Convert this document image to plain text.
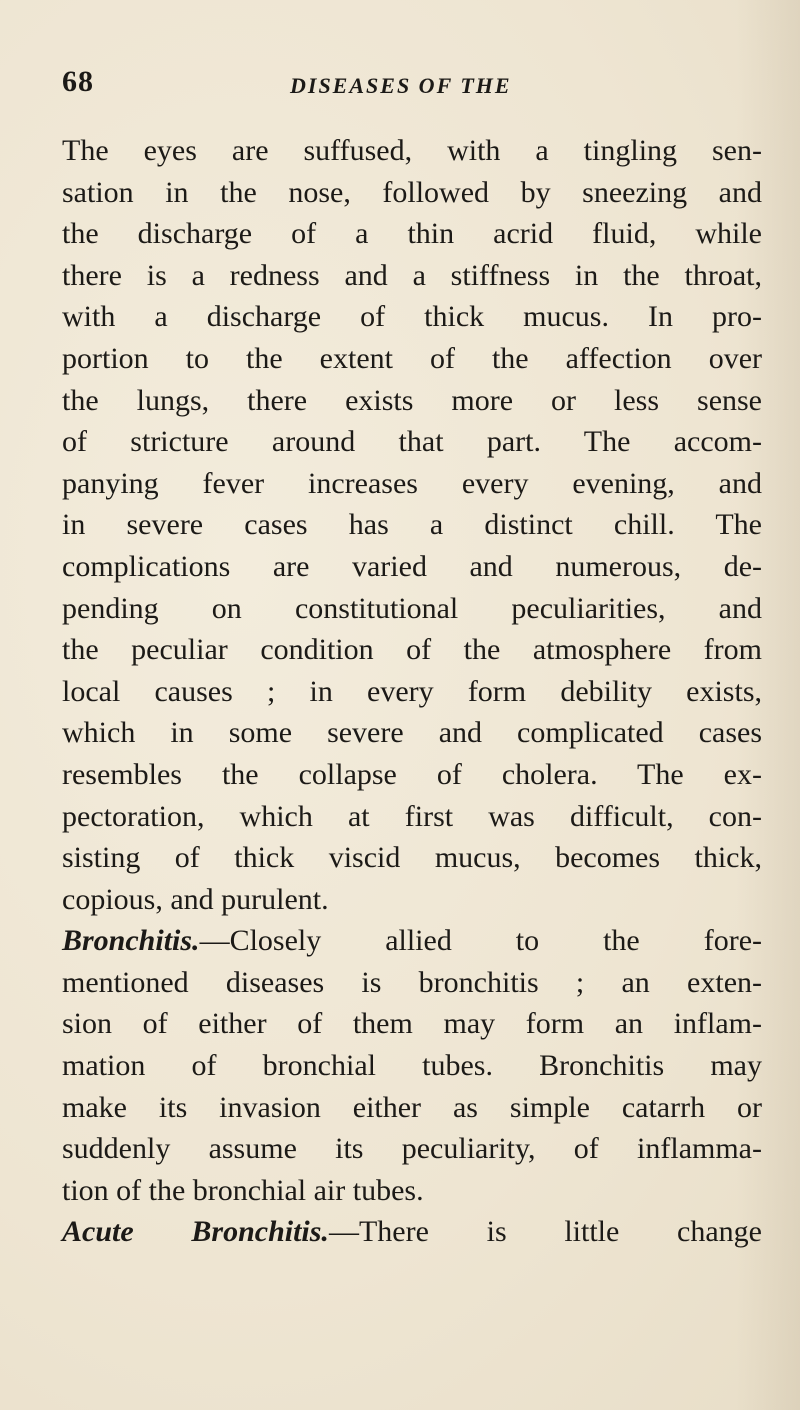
68	DISEASES OF THE
The eyes are suffused, with a tingling sen-
sation in the nose, followed by sneezing and
the discharge of a thin acrid fluid, while
there is a redness and a stiffness in the throat,
with a discharge of thick mucus. In pro-
portion to the extent of the affection over
the lungs, there exists more or less sense
of stricture around that part. The accom-
panying fever increases every evening, and
in severe cases has a distinct chill. The
complications are varied and numerous, de-
pending on constitutional peculiarities, and
the peculiar condition of the atmosphere from
local causes ; in every form debility exists,
which in some severe and complicated cases
resembles the collapse of cholera. The ex-
pectoration, which at first was difficult, con-
sisting of thick viscid mucus, becomes thick,
copious, and purulent.
Bronchitis.—Closely allied to the fore-
mentioned diseases is bronchitis ; an exten-
sion of either of them may form an inflam-
mation of bronchial tubes. Bronchitis may
make its invasion either as simple catarrh or
suddenly assume its peculiarity, of inflamma-
tion of the bronchial air tubes.
Acute Bronchitis.—There is little change
